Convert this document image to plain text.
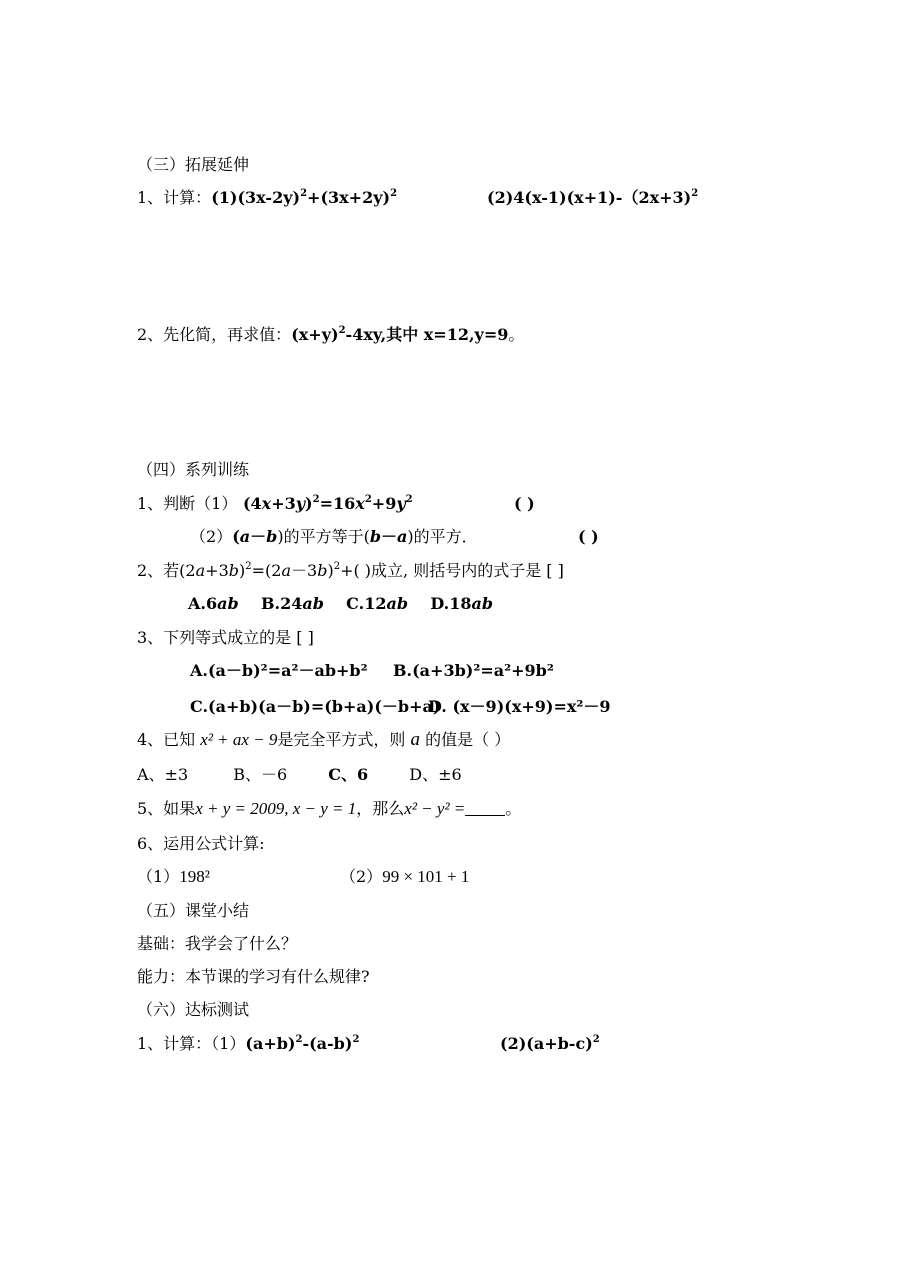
（三）拓展延伸
1、计算：$(1)(3x-2y)^2+(3x+2y)^2$	(2)4(x-1)(x+1)-（2x+3)$^2$
2、先化简，再求值：$(x+y)^2-4xy$,其中 x=12,y=9。
（四）系列训练
1、判断（1） $(4x+3y)^2=16x^2+9y^2$	( )
（2）(a－b)的平方等于(b－a)的平方．	( )
2、若$(2a+3b)^2=(2a-3b)^2+$( )成立, 则括号内的式子是 [ ]
A.6ab B.24ab C.12ab D.18ab
3、下列等式成立的是 [ ]
A.(a－b)²=a²－ab+b² B.(a+3b)²=a²+9b²
C.(a+b)(a－b)=(b+a)(－b+a)
D. (x－9)(x+9)=x²－9
4、已知 x² + ax − 9是完全平方式，则 a 的值是（ ）
A、±3	B、－6	C、6	D、±6
5、如果x + y = 2009, x − y = 1，那么x² − y² =	。
6、运用公式计算:
（1）198²	（2）99 × 101 + 1
（五）课堂小结
基础：我学会了什么？
能力：本节课的学习有什么规律?
（六）达标测试
1、计算：$(1)(a+b)^2-(a-b)^2$	$(2)(a+b-c)^2$
